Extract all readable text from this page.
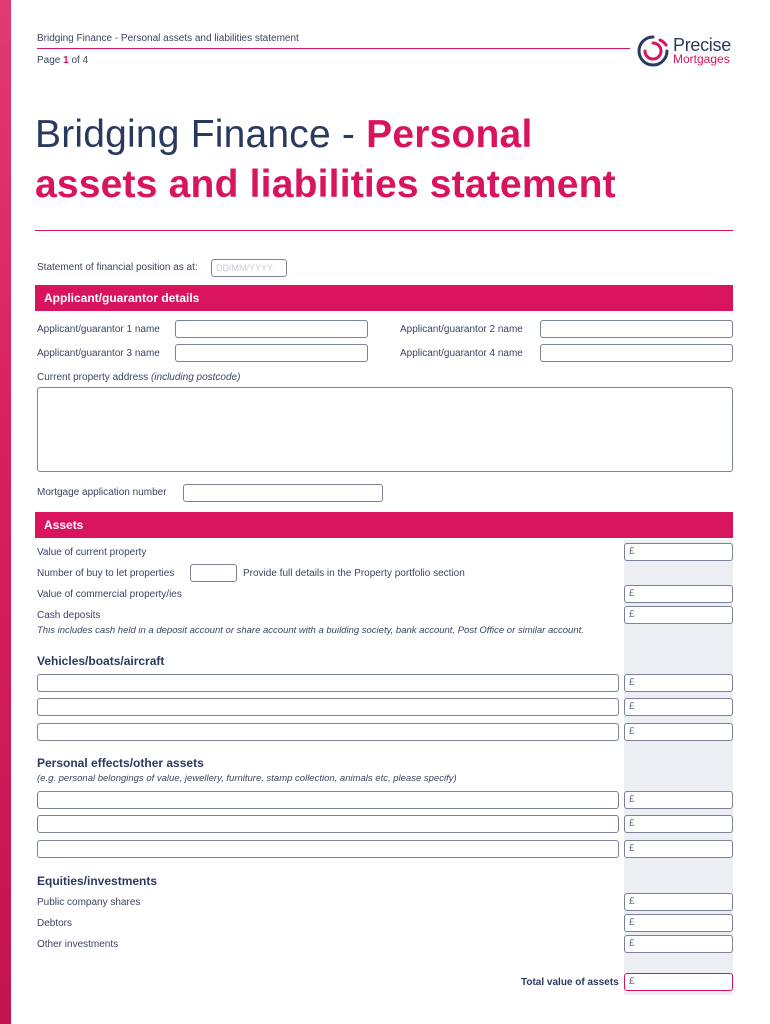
Bridging Finance - Personal assets and liabilities statement
Page 1 of 4
Precise
Mortgages
Bridging Finance - Personal
assets and liabilities statement
Statement of financial position as at:	DD/MM/YYYY
Applicant/guarantor details
Applicant/guarantor 1 name	Applicant/guarantor 2 name
Applicant/guarantor 3 name	Applicant/guarantor 4 name
Current property address (including postcode)
Mortgage application number
Assets
Value of current property	£
Number of buy to let properties	Provide full details in the Property portfolio section
Value of commercial property/ies	£
Cash deposits	£
This includes cash held in a deposit account or share account with a building society, bank account, Post Office or similar account.
Vehicles/boats/aircraft
£
£
£
Personal effects/other assets
(e.g. personal belongings of value, jewellery, furniture, stamp collection, animals etc, please specify)
£
£
£
Equities/investments
Public company shares	£
Debtors	£
Other investments	£
Total value of assets	£
